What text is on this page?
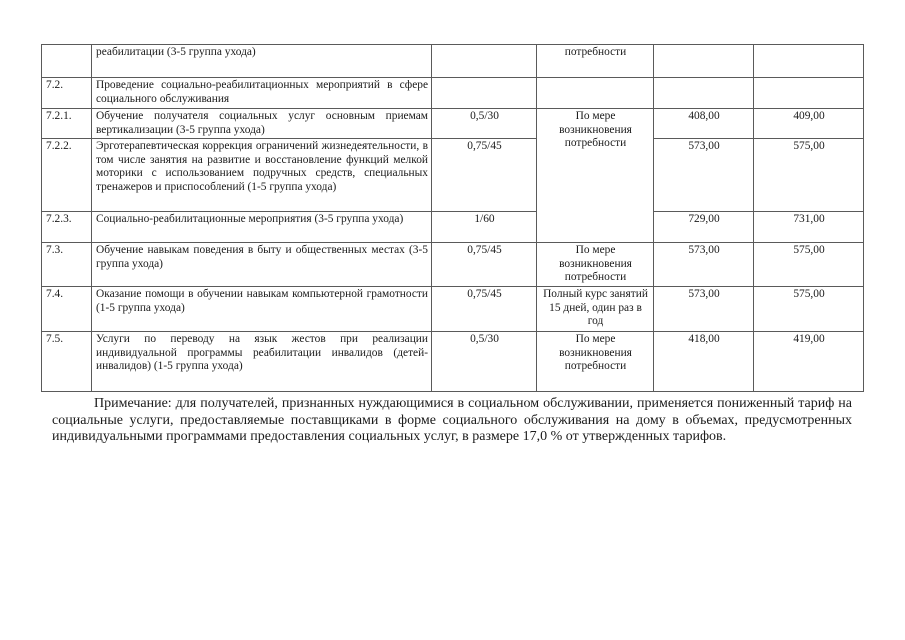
	реабилитации (3-5 группа ухода)		потребности		
7.2.	Проведение социально-реабилитационных мероприятий в сфере социального обслуживания				
7.2.1.	Обучение получателя социальных услуг основным приемам вертикализации (3-5 группа ухода)	0,5/30	По мере возникновения потребности	408,00	409,00
7.2.2.	Эрготерапевтическая коррекция ограничений жизнедеятельности, в том числе занятия на развитие и восстановление функций мелкой моторики с использованием подручных средств, специальных тренажеров и приспособлений (1-5 группа ухода)	0,75/45		573,00	575,00
7.2.3.	Социально-реабилитационные мероприятия (3-5 группа ухода)	1/60		729,00	731,00
7.3.	Обучение навыкам поведения в быту и общественных местах (3-5 группа ухода)	0,75/45	По мере возникновения потребности	573,00	575,00
7.4.	Оказание помощи в обучении навыкам компьютерной грамотности (1-5 группа ухода)	0,75/45	Полный курс занятий 15 дней, один раз в год	573,00	575,00
7.5.	Услуги по переводу на язык жестов при реализации индивидуальной программы реабилитации инвалидов (детей-инвалидов) (1-5 группа ухода)	0,5/30	По мере возникновения потребности	418,00	419,00

Примечание: для получателей, признанных нуждающимися в социальном обслуживании, применяется пониженный тариф на социальные услуги, предоставляемые поставщиками в форме социального обслуживания на дому в объемах, предусмотренных индивидуальными программами предоставления социальных услуг, в размере 17,0 % от утвержденных тарифов.
